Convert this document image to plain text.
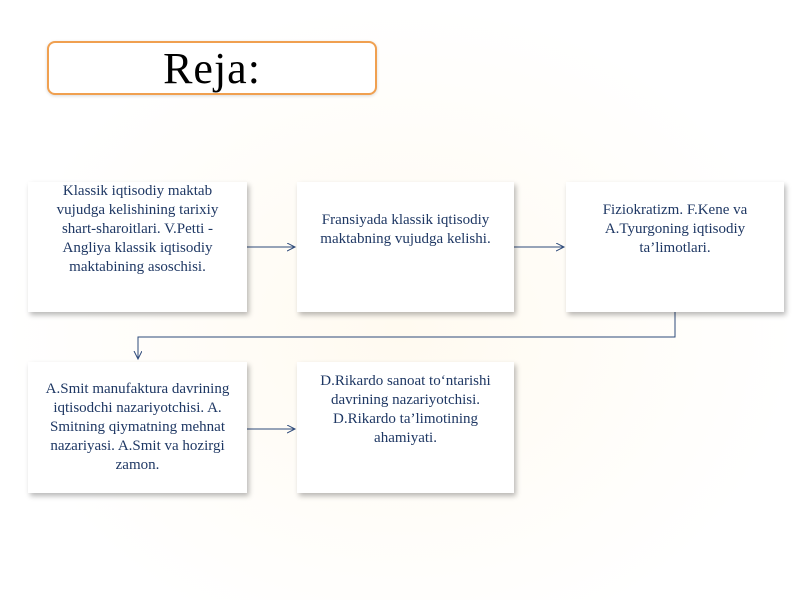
Reja:
Klassik iqtisodiy maktab vujudga kelishining tarixiy shart-sharoitlari. V.Petti - Angliya klassik iqtisodiy maktabining asoschisi.
Fransiyada klassik iqtisodiy maktabning vujudga kelishi.
Fiziokratizm. F.Kene va A.Tyurgoning iqtisodiy ta’limotlari.
A.Smit manufaktura davrining iqtisodchi nazariyotchisi. A. Smitning qiymatning mehnat nazariyasi. A.Smit va hozirgi zamon.
D.Rikardo sanoat to‘ntarishi davrining nazariyotchisi. D.Rikardo ta’limotining ahamiyati.
